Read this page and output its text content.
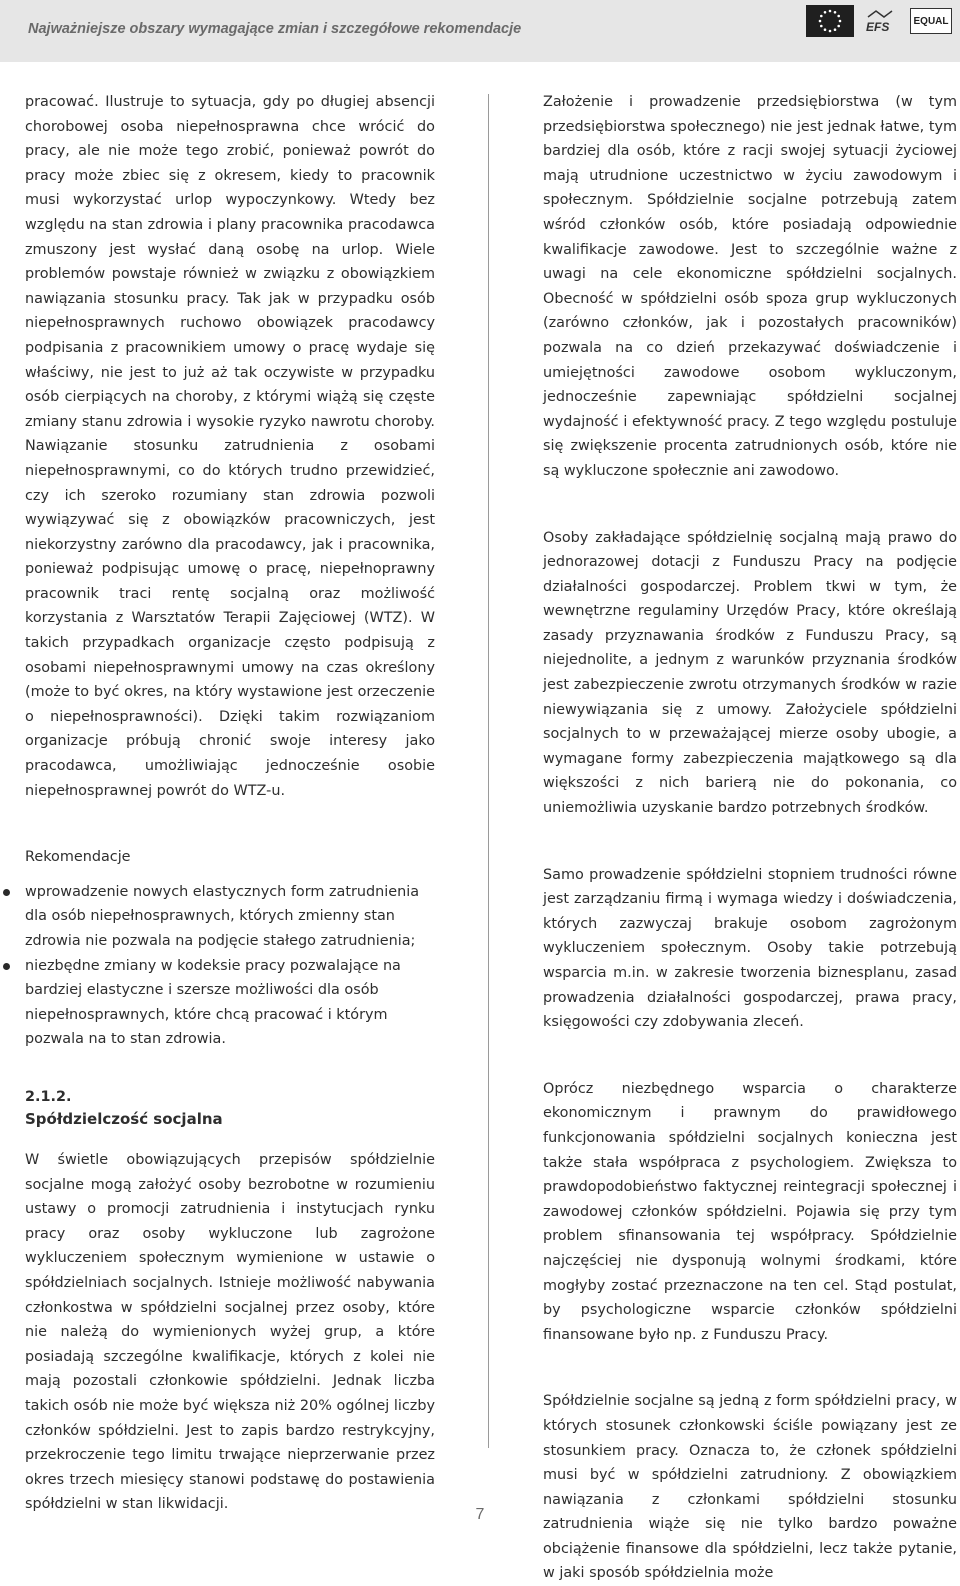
Najważniejsze obszary wymagające zmian i szczegółowe rekomendacje	EFS	EQUAL

pracować. Ilustruje to sytuacja, gdy po długiej absencji chorobowej osoba niepełnosprawna chce wrócić do pracy, ale nie może tego zrobić, ponieważ powrót do pracy może zbiec się z okresem, kiedy to pracownik musi wykorzystać urlop wypoczynkowy. Wtedy bez względu na stan zdrowia i plany pracownika pracodawca zmuszony jest wysłać daną osobę na urlop. Wiele problemów powstaje również w związku z obowiązkiem nawiązania stosunku pracy. Tak jak w przypadku osób niepełnosprawnych ruchowo obowiązek pracodawcy podpisania z pracownikiem umowy o pracę wydaje się właściwy, nie jest to już aż tak oczywiste w przypadku osób cierpiących na choroby, z którymi wiążą się częste zmiany stanu zdrowia i wysokie ryzyko nawrotu choroby. Nawiązanie stosunku zatrudnienia z osobami niepełnosprawnymi, co do których trudno przewidzieć, czy ich szeroko rozumiany stan zdrowia pozwoli wywiązywać się z obowiązków pracowniczych, jest niekorzystny zarówno dla pracodawcy, jak i pracownika, ponieważ podpisując umowę o pracę, niepełnoprawny pracownik traci rentę socjalną oraz możliwość korzystania z Warsztatów Terapii Zajęciowej (WTZ). W takich przypadkach organizacje często podpisują z osobami niepełnosprawnymi umowy na czas określony (może to być okres, na który wystawione jest orzeczenie o niepełnosprawności). Dzięki takim rozwiązaniom organizacje próbują chronić swoje interesy jako pracodawca, umożliwiając jednocześnie osobie niepełnosprawnej powrót do WTZ-u.

Rekomendacje

wprowadzenie nowych elastycznych form zatrudnienia dla osób niepełnosprawnych, których zmienny stan zdrowia nie pozwala na podjęcie stałego zatrudnienia;
niezbędne zmiany w kodeksie pracy pozwalające na bardziej elastyczne i szersze możliwości dla osób niepełnosprawnych, które chcą pracować i którym pozwala na to stan zdrowia.

2.1.2.

Spółdzielczość socjalna

W świetle obowiązujących przepisów spółdzielnie socjalne mogą założyć osoby bezrobotne w rozumieniu ustawy o promocji zatrudnienia i instytucjach rynku pracy oraz osoby wykluczone lub zagrożone wykluczeniem społecznym wymienione w ustawie o spółdzielniach socjalnych. Istnieje możliwość nabywania członkostwa w spółdzielni socjalnej przez osoby, które nie należą do wymienionych wyżej grup, a które posiadają szczególne kwalifikacje, których z kolei nie mają pozostali członkowie spółdzielni. Jednak liczba takich osób nie może być większa niż 20% ogólnej liczby członków spółdzielni. Jest to zapis bardzo restrykcyjny, przekroczenie tego limitu trwające nieprzerwanie przez okres trzech miesięcy stanowi podstawę do postawienia spółdzielni w stan likwidacji.

Założenie i prowadzenie przedsiębiorstwa (w tym przedsiębiorstwa społecznego) nie jest jednak łatwe, tym bardziej dla osób, które z racji swojej sytuacji życiowej mają utrudnione uczestnictwo w życiu zawodowym i społecznym. Spółdzielnie socjalne potrzebują zatem wśród członków osób, które posiadają odpowiednie kwalifikacje zawodowe. Jest to szczególnie ważne z uwagi na cele ekonomiczne spółdzielni socjalnych. Obecność w spółdzielni osób spoza grup wykluczonych (zarówno członków, jak i pozostałych pracowników) pozwala na co dzień przekazywać doświadczenie i umiejętności zawodowe osobom wykluczonym, jednocześnie zapewniając spółdzielni socjalnej wydajność i efektywność pracy. Z tego względu postuluje się zwiększenie procenta zatrudnionych osób, które nie są wykluczone społecznie ani zawodowo.

Osoby zakładające spółdzielnię socjalną mają prawo do jednorazowej dotacji z Funduszu Pracy na podjęcie działalności gospodarczej. Problem tkwi w tym, że wewnętrzne regulaminy Urzędów Pracy, które określają zasady przyznawania środków z Funduszu Pracy, są niejednolite, a jednym z warunków przyznania środków jest zabezpieczenie zwrotu otrzymanych środków w razie niewywiązania się z umowy. Założyciele spółdzielni socjalnych to w przeważającej mierze osoby ubogie, a wymagane formy zabezpieczenia majątkowego są dla większości z nich barierą nie do pokonania, co uniemożliwia uzyskanie bardzo potrzebnych środków.

Samo prowadzenie spółdzielni stopniem trudności równe jest zarządzaniu firmą i wymaga wiedzy i doświadczenia, których zazwyczaj brakuje osobom zagrożonym wykluczeniem społecznym. Osoby takie potrzebują wsparcia m.in. w zakresie tworzenia biznesplanu, zasad prowadzenia działalności gospodarczej, prawa pracy, księgowości czy zdobywania zleceń.

Oprócz niezbędnego wsparcia o charakterze ekonomicznym i prawnym do prawidłowego funkcjonowania spółdzielni socjalnych konieczna jest także stała współpraca z psychologiem. Zwiększa to prawdopodobieństwo faktycznej reintegracji społecznej i zawodowej członków spółdzielni. Pojawia się przy tym problem sfinansowania tej współpracy. Spółdzielnie najczęściej nie dysponują wolnymi środkami, które mogłyby zostać przeznaczone na ten cel. Stąd postulat, by psychologiczne wsparcie członków spółdzielni finansowane było np. z Funduszu Pracy.

Spółdzielnie socjalne są jedną z form spółdzielni pracy, w których stosunek członkowski ściśle powiązany jest ze stosunkiem pracy. Oznacza to, że członek spółdzielni musi być w spółdzielni zatrudniony. Z obowiązkiem nawiązania z członkami spółdzielni stosunku zatrudnienia wiąże się nie tylko bardzo poważne obciążenie finansowe dla spółdzielni, lecz także pytanie, w jaki sposób spółdzielnia może

7
